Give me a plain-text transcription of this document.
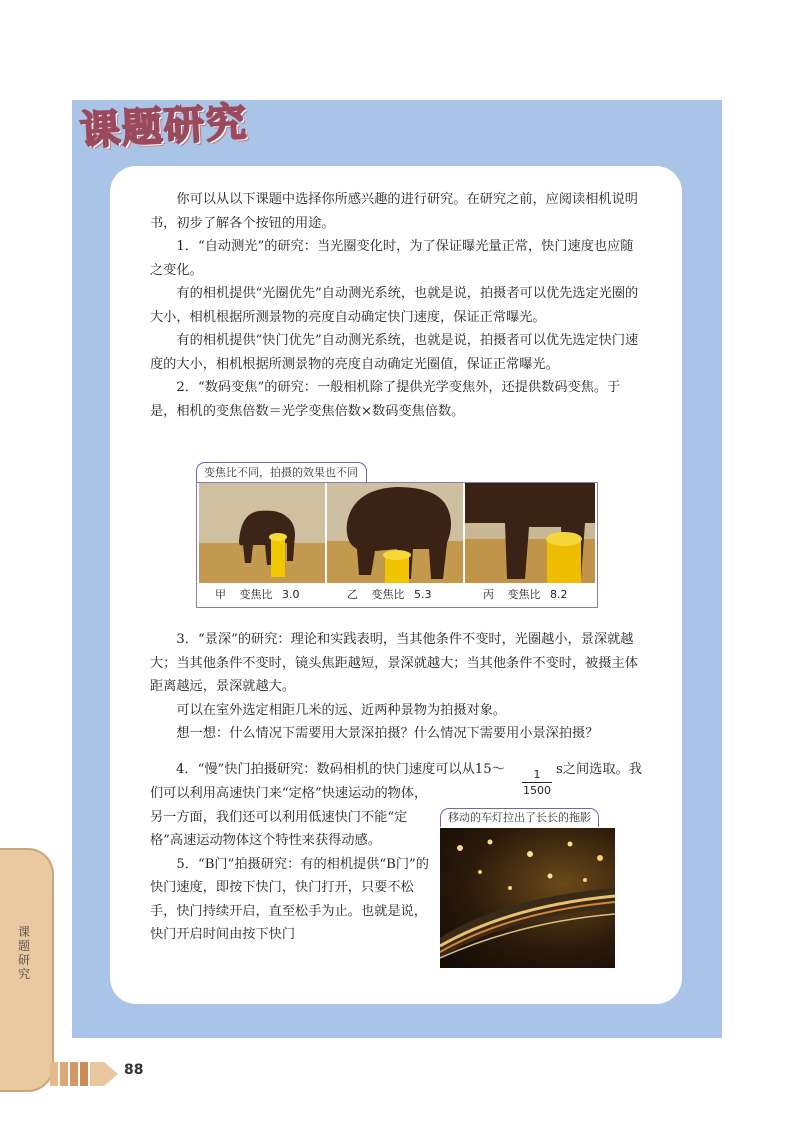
课题研究

你可以从以下课题中选择你所感兴趣的进行研究。在研究之前，应阅读相机说明书，初步了解各个按钮的用途。

1．“自动测光”的研究：当光圈变化时，为了保证曝光量正常，快门速度也应随之变化。

有的相机提供“光圈优先”自动测光系统，也就是说，拍摄者可以优先选定光圈的大小，相机根据所测景物的亮度自动确定快门速度，保证正常曝光。

有的相机提供“快门优先”自动测光系统，也就是说，拍摄者可以优先选定快门速度的大小，相机根据所测景物的亮度自动确定光圈值，保证正常曝光。

2．“数码变焦”的研究：一般相机除了提供光学变焦外，还提供数码变焦。于是，相机的变焦倍数＝光学变焦倍数×数码变焦倍数。

变焦比不同，拍摄的效果也不同
甲 变焦比 3.0	乙 变焦比 5.3	丙 变焦比 8.2

3．“景深”的研究：理论和实践表明，当其他条件不变时，光圈越小，景深就越大；当其他条件不变时，镜头焦距越短，景深就越大；当其他条件不变时，被摄主体距离越远，景深就越大。

可以在室外选定相距几米的远、近两种景物为拍摄对象。

想一想：什么情况下需要用大景深拍摄？什么情况下需要用小景深拍摄？

4．“慢”快门拍摄研究：数码相机的快门速度可以从15～	$\frac{1}{1500}$ s之间选取。我

们可以利用高速快门来“定格”快速运动的物体，另一方面，我们还可以利用低速快门不能“定格”高速运动物体这个特性来获得动感。

5．“B门”拍摄研究：有的相机提供“B门”的快门速度，即按下快门，快门打开，只要不松手，快门持续开启，直至松手为止。也就是说，快门开启时间由按下快门

移动的车灯拉出了长长的拖影
课题研究
88
